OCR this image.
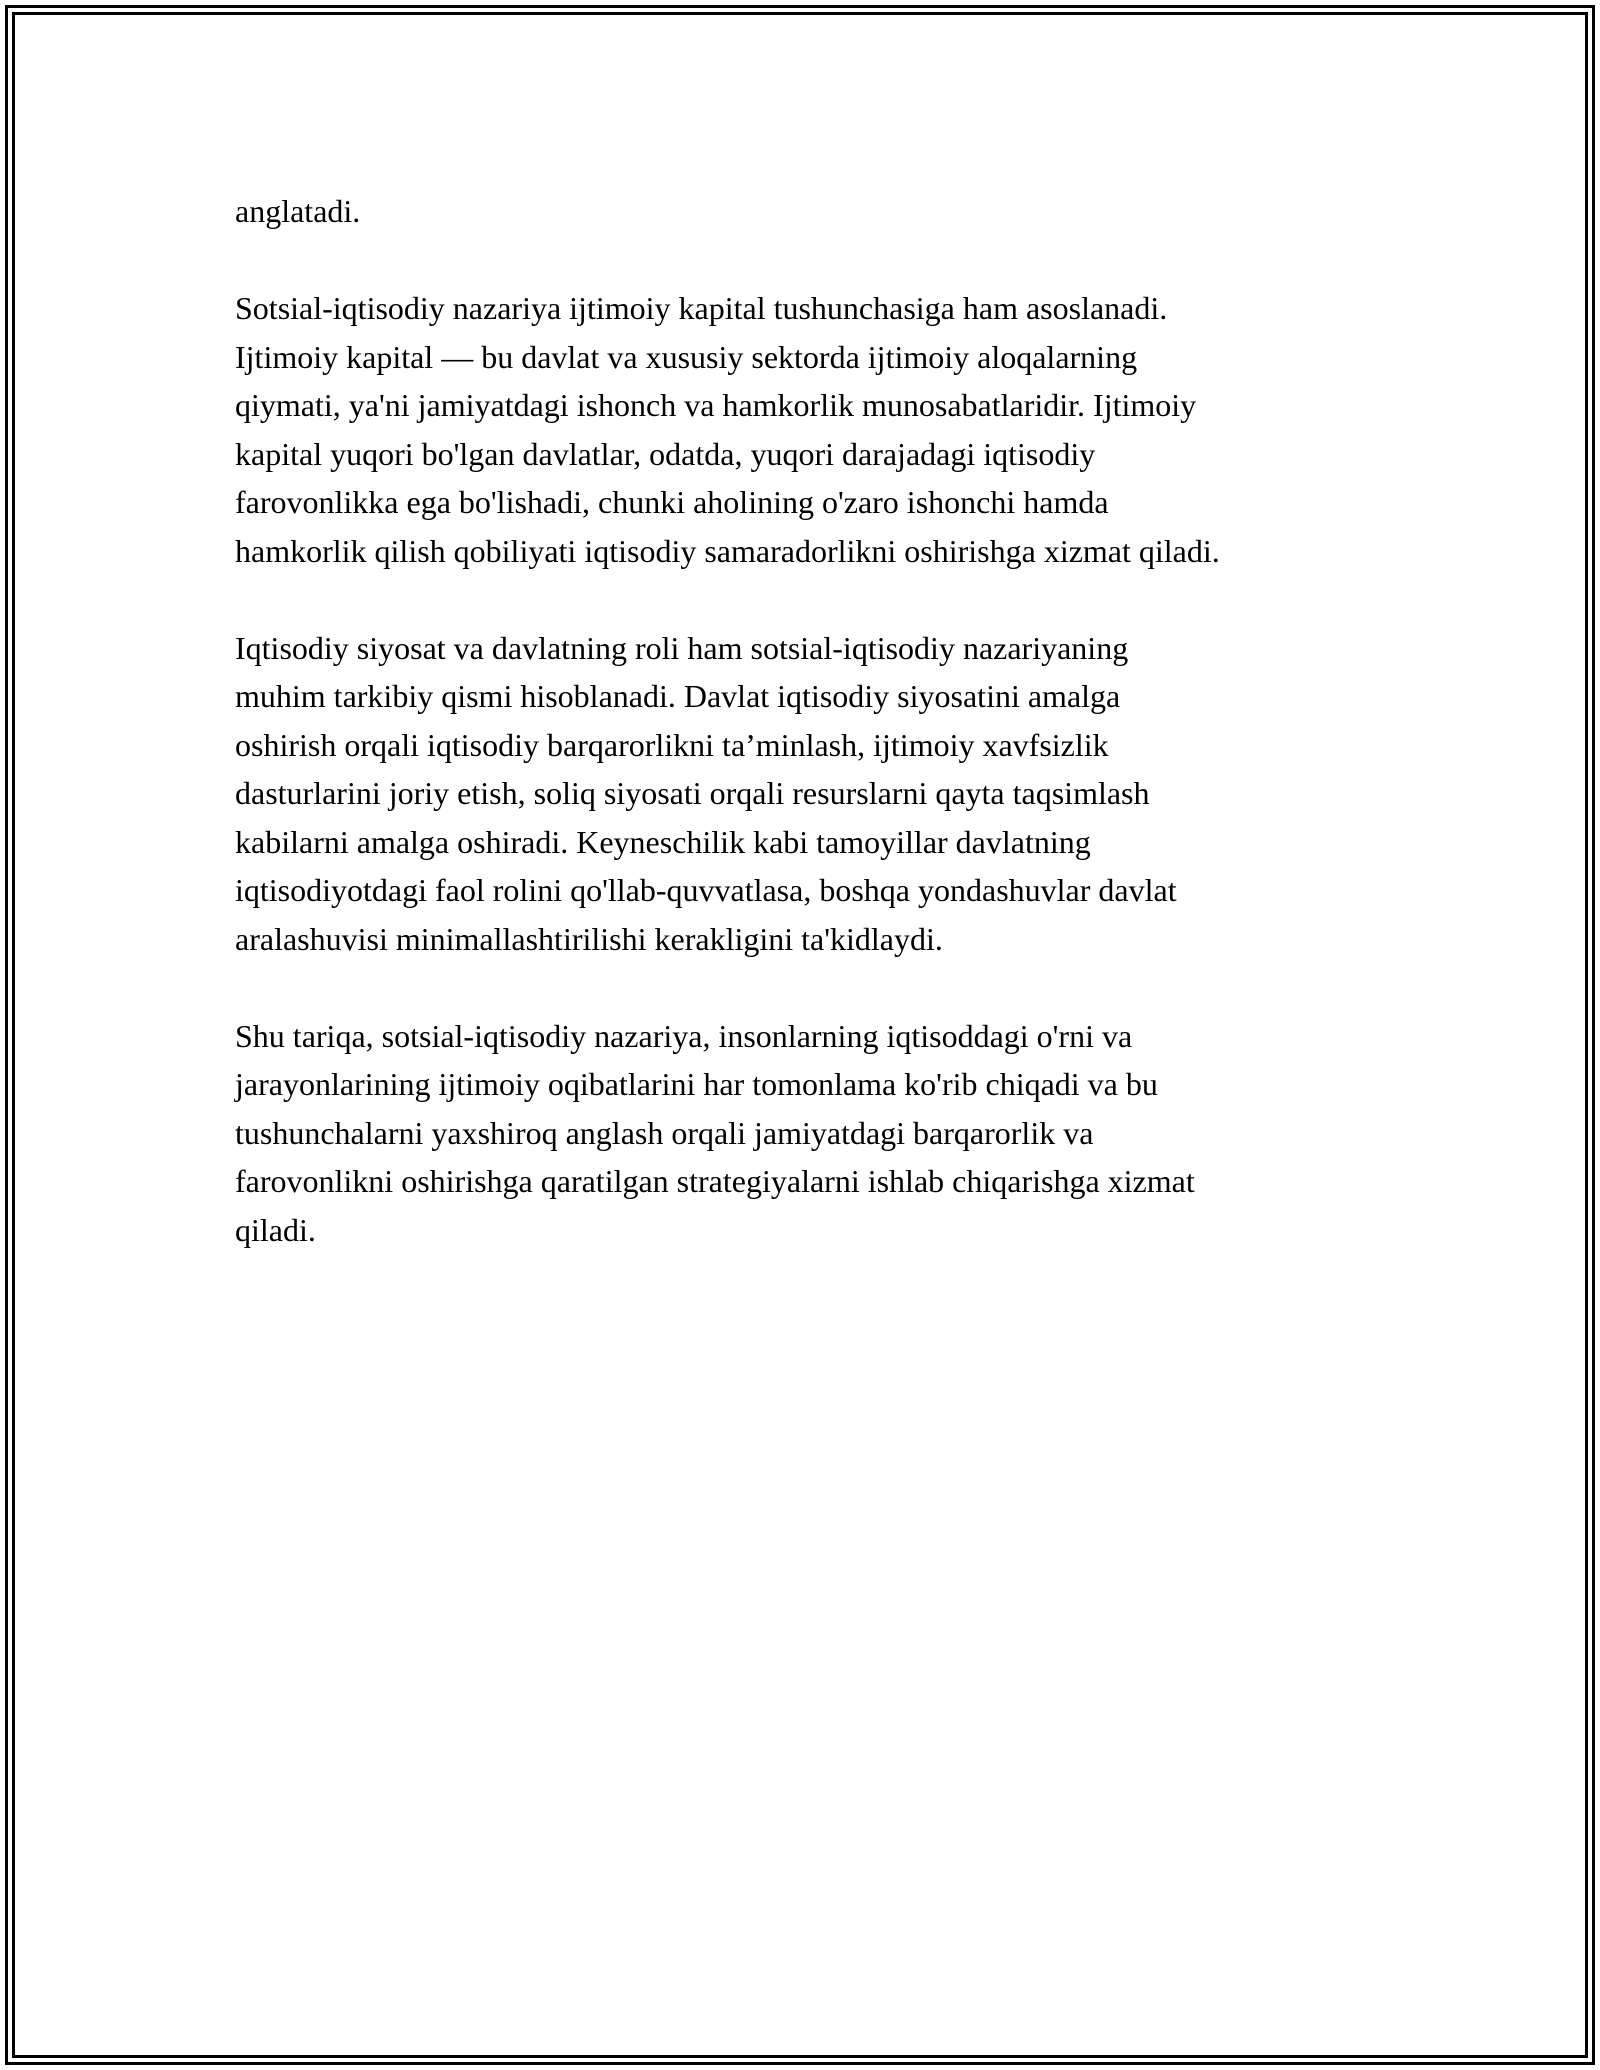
anglatadi.

Sotsial-iqtisodiy nazariya ijtimoiy kapital tushunchasiga ham asoslanadi.
Ijtimoiy kapital — bu davlat va xususiy sektorda ijtimoiy aloqalarning
qiymati, ya'ni jamiyatdagi ishonch va hamkorlik munosabatlaridir. Ijtimoiy
kapital yuqori bo'lgan davlatlar, odatda, yuqori darajadagi iqtisodiy
farovonlikka ega bo'lishadi, chunki aholining o'zaro ishonchi hamda
hamkorlik qilish qobiliyati iqtisodiy samaradorlikni oshirishga xizmat qiladi.

Iqtisodiy siyosat va davlatning roli ham sotsial-iqtisodiy nazariyaning
muhim tarkibiy qismi hisoblanadi. Davlat iqtisodiy siyosatini amalga
oshirish orqali iqtisodiy barqarorlikni ta’minlash, ijtimoiy xavfsizlik
dasturlarini joriy etish, soliq siyosati orqali resurslarni qayta taqsimlash
kabilarni amalga oshiradi. Keyneschilik kabi tamoyillar davlatning
iqtisodiyotdagi faol rolini qo'llab-quvvatlasa, boshqa yondashuvlar davlat
aralashuvisi minimallashtirilishi kerakligini ta'kidlaydi.

Shu tariqa, sotsial-iqtisodiy nazariya, insonlarning iqtisoddagi o'rni va
jarayonlarining ijtimoiy oqibatlarini har tomonlama ko'rib chiqadi va bu
tushunchalarni yaxshiroq anglash orqali jamiyatdagi barqarorlik va
farovonlikni oshirishga qaratilgan strategiyalarni ishlab chiqarishga xizmat
qiladi.
